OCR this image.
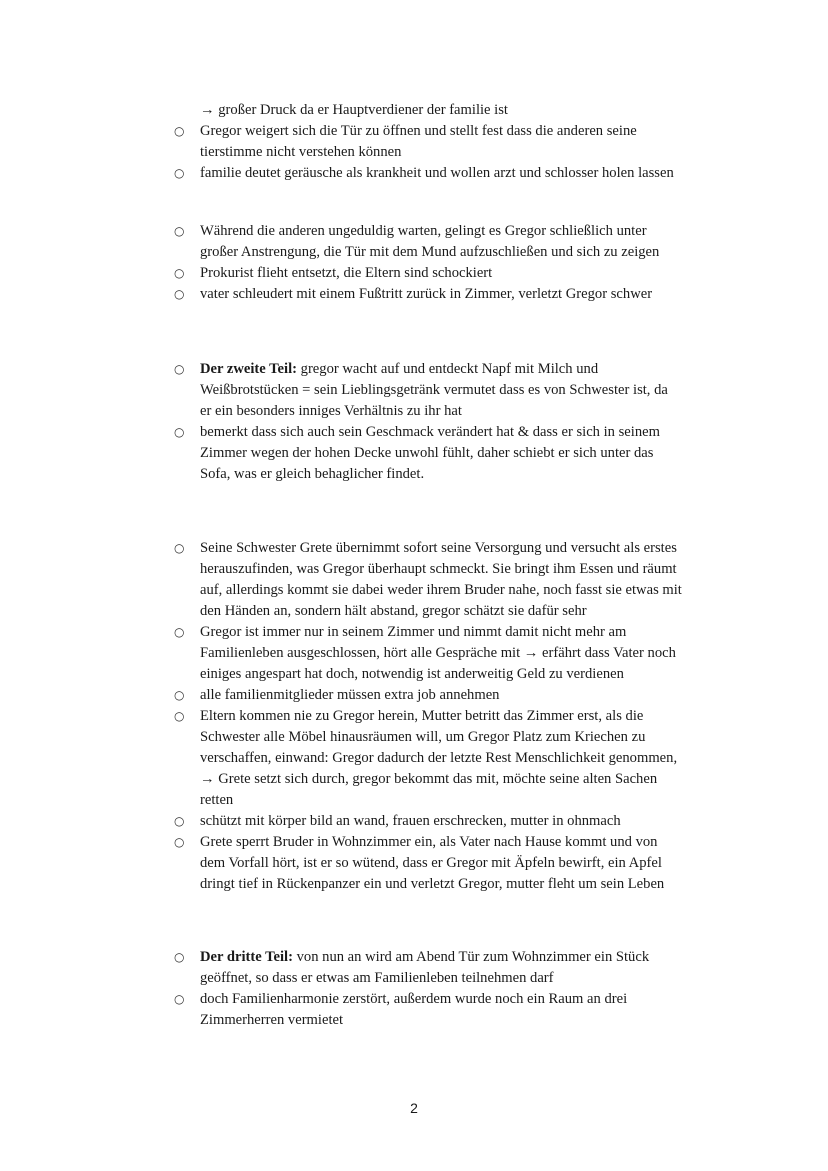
2
→ großer Druck da er Hauptverdiener der familie ist
○ Gregor weigert sich die Tür zu öffnen und stellt fest dass die anderen seine
tierstimme nicht verstehen können
○ familie deutet geräusche als krankheit und wollen arzt und schlosser holen lassen
○ Während die anderen ungeduldig warten, gelingt es Gregor schließlich unter
großer Anstrengung, die Tür mit dem Mund aufzuschließen und sich zu zeigen
○ Prokurist flieht entsetzt, die Eltern sind schockiert
○ vater schleudert mit einem Fußtritt zurück in Zimmer, verletzt Gregor schwer
○ Der zweite Teil: gregor wacht auf und entdeckt Napf mit Milch und
Weißbrotstücken = sein Lieblingsgetränk vermutet dass es von Schwester ist, da
er ein besonders inniges Verhältnis zu ihr hat
○ bemerkt dass sich auch sein Geschmack verändert hat & dass er sich in seinem
Zimmer wegen der hohen Decke unwohl fühlt, daher schiebt er sich unter das
Sofa, was er gleich behaglicher findet.
○ Seine Schwester Grete übernimmt sofort seine Versorgung und versucht als erstes
herauszufinden, was Gregor überhaupt schmeckt. Sie bringt ihm Essen und räumt
auf, allerdings kommt sie dabei weder ihrem Bruder nahe, noch fasst sie etwas mit
den Händen an, sondern hält abstand, gregor schätzt sie dafür sehr
○ Gregor ist immer nur in seinem Zimmer und nimmt damit nicht mehr am
Familienleben ausgeschlossen, hört alle Gespräche mit → erfährt dass Vater noch
einiges angespart hat doch, notwendig ist anderweitig Geld zu verdienen
○ alle familienmitglieder müssen extra job annehmen
○ Eltern kommen nie zu Gregor herein, Mutter betritt das Zimmer erst, als die
Schwester alle Möbel hinausräumen will, um Gregor Platz zum Kriechen zu
verschaffen, einwand: Gregor dadurch der letzte Rest Menschlichkeit genommen,
→ Grete setzt sich durch, gregor bekommt das mit, möchte seine alten Sachen
retten
○ schützt mit körper bild an wand, frauen erschrecken, mutter in ohnmach
○ Grete sperrt Bruder in Wohnzimmer ein, als Vater nach Hause kommt und von
dem Vorfall hört, ist er so wütend, dass er Gregor mit Äpfeln bewirft, ein Apfel
dringt tief in Rückenpanzer ein und verletzt Gregor, mutter fleht um sein Leben
○ Der dritte Teil: von nun an wird am Abend Tür zum Wohnzimmer ein Stück
geöffnet, so dass er etwas am Familienleben teilnehmen darf
○ doch Familienharmonie zerstört, außerdem wurde noch ein Raum an drei
Zimmerherren vermietet
